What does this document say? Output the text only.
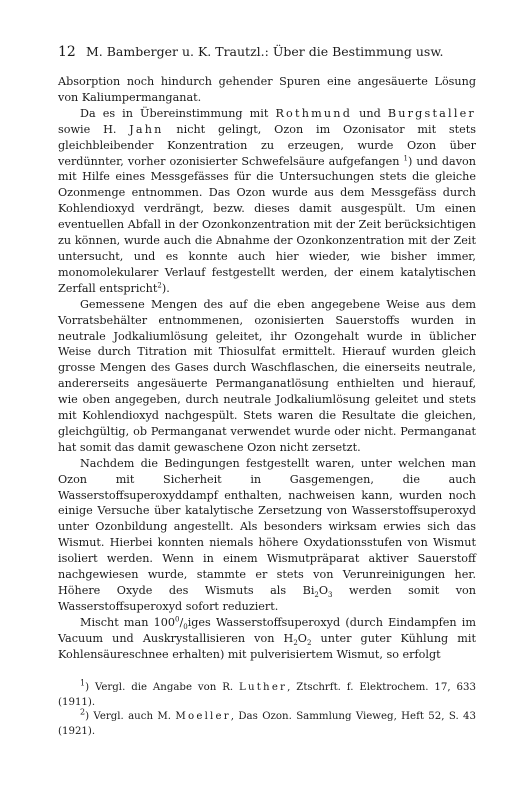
12 M. Bamberger u. K. Trautzl.: Über die Bestimmung usw.

Absorption noch hindurch gehender Spuren eine angesäuerte Lösung von Kaliumpermanganat.

Da es in Übereinstimmung mit Rothmund und Burgstaller sowie H. Jahn nicht gelingt, Ozon im Ozonisator mit stets gleichbleibender Konzentration zu erzeugen, wurde Ozon über verdünnter, vorher ozonisierter Schwefelsäure aufgefangen $^1$) und davon mit Hilfe eines Messgefässes für die Untersuchungen stets die gleiche Ozonmenge entnommen. Das Ozon wurde aus dem Messgefäss durch Kohlendioxyd verdrängt, bezw. dieses damit ausgespült. Um einen eventuellen Abfall in der Ozonkonzentration mit der Zeit berücksichtigen zu können, wurde auch die Abnahme der Ozonkonzentration mit der Zeit untersucht, und es konnte auch hier wieder, wie bisher immer, monomolekularer Verlauf festgestellt werden, der einem katalytischen Zerfall entspricht$^2$).

Gemessene Mengen des auf die eben angegebene Weise aus dem Vorratsbehälter entnommenen, ozonisierten Sauerstoffs wurden in neutrale Jodkaliumlösung geleitet, ihr Ozongehalt wurde in üblicher Weise durch Titration mit Thiosulfat ermittelt. Hierauf wurden gleich grosse Mengen des Gases durch Waschflaschen, die einerseits neutrale, andererseits angesäuerte Permanganatlösung enthielten und hierauf, wie oben angegeben, durch neutrale Jodkaliumlösung geleitet und stets mit Kohlendioxyd nachgespült. Stets waren die Resultate die gleichen, gleichgültig, ob Permanganat verwendet wurde oder nicht. Permanganat hat somit das damit gewaschene Ozon nicht zersetzt.

Nachdem die Bedingungen festgestellt waren, unter welchen man Ozon mit Sicherheit in Gasgemengen, die auch Wasserstoffsuperoxyddampf enthalten, nachweisen kann, wurden noch einige Versuche über katalytische Zersetzung von Wasserstoffsuperoxyd unter Ozonbildung angestellt. Als besonders wirksam erwies sich das Wismut. Hierbei konnten niemals höhere Oxydationsstufen von Wismut isoliert werden. Wenn in einem Wismutpräparat aktiver Sauerstoff nachgewiesen wurde, stammte er stets von Verunreinigungen her. Höhere Oxyde des Wismuts als $Bi_2O_3$ werden somit von Wasserstoffsuperoxyd sofort reduziert.

Mischt man $100^0/_0iges$ Wasserstoffsuperoxyd (durch Eindampfen im Vacuum und Auskrystallisieren von $H_2O_2$ unter guter Kühlung mit Kohlensäureschnee erhalten) mit pulverisiertem Wismut, so erfolgt

$^1$) Vergl. die Angabe von R. Luther, Ztschrft. f. Elektrochem. 17, 633 (1911).

$^2$) Vergl. auch M. Moeller, Das Ozon. Sammlung Vieweg, Heft 52, S. 43 (1921).
